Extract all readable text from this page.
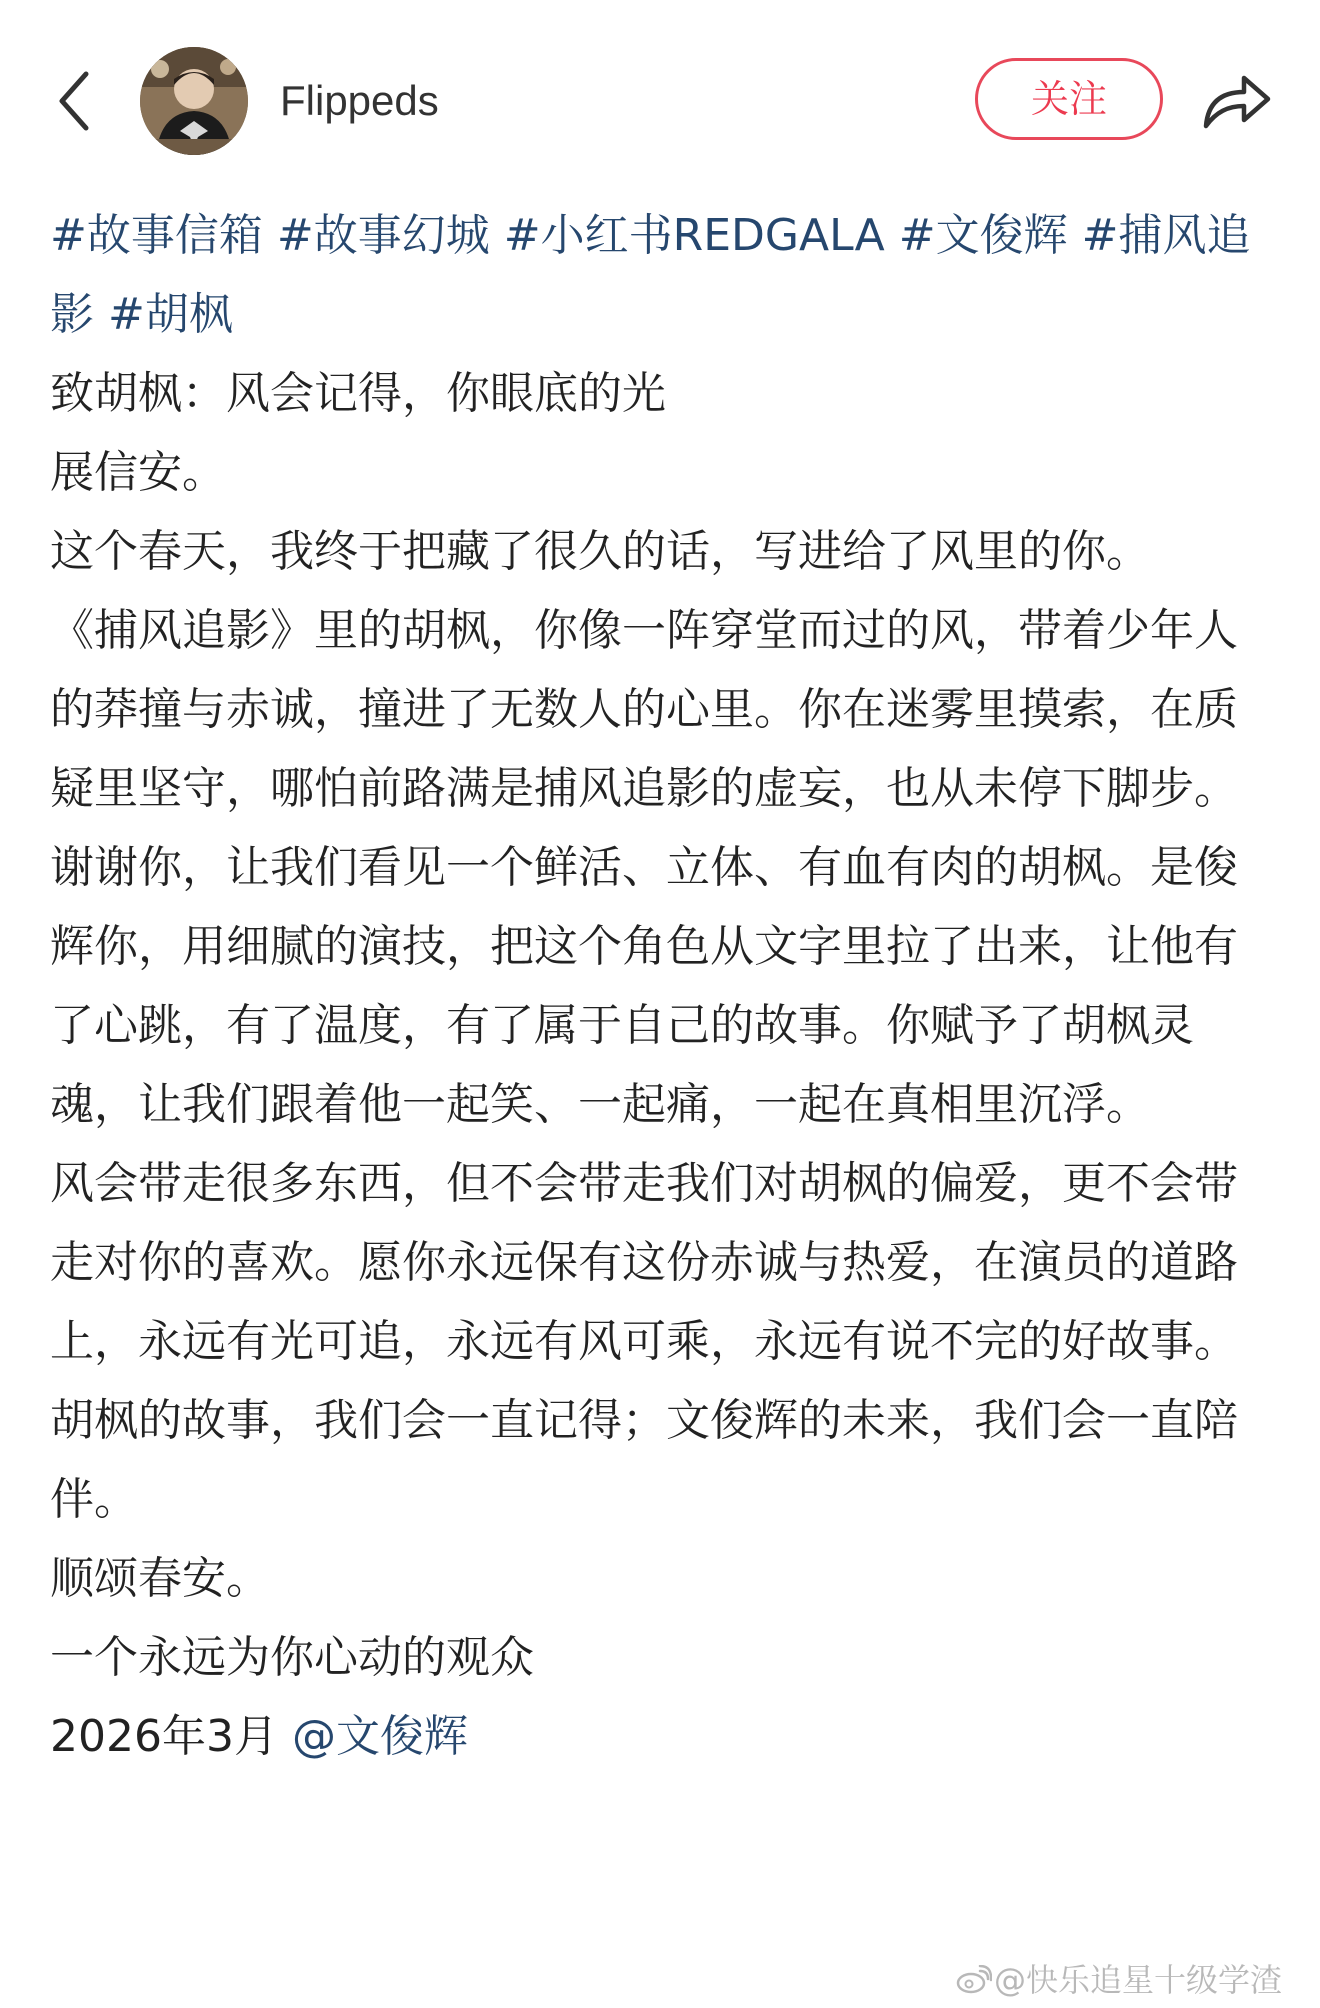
Flippeds	关注
#故事信箱 #故事幻城 #小红书REDGALA #文俊辉 #捕风追影 #胡枫
致胡枫：风会记得，你眼底的光
展信安。
这个春天，我终于把藏了很久的话，写进给了风里的你。
《捕风追影》里的胡枫，你像一阵穿堂而过的风，带着少年人的莽撞与赤诚，撞进了无数人的心里。你在迷雾里摸索，在质疑里坚守，哪怕前路满是捕风追影的虚妄，也从未停下脚步。
谢谢你，让我们看见一个鲜活、立体、有血有肉的胡枫。是俊辉你，用细腻的演技，把这个角色从文字里拉了出来，让他有了心跳，有了温度，有了属于自己的故事。你赋予了胡枫灵魂，让我们跟着他一起笑、一起痛，一起在真相里沉浮。
风会带走很多东西，但不会带走我们对胡枫的偏爱，更不会带走对你的喜欢。愿你永远保有这份赤诚与热爱，在演员的道路上，永远有光可追，永远有风可乘，永远有说不完的好故事。
胡枫的故事，我们会一直记得；文俊辉的未来，我们会一直陪伴。
顺颂春安。
一个永远为你心动的观众
2026年3月 @文俊辉
@快乐追星十级学渣
